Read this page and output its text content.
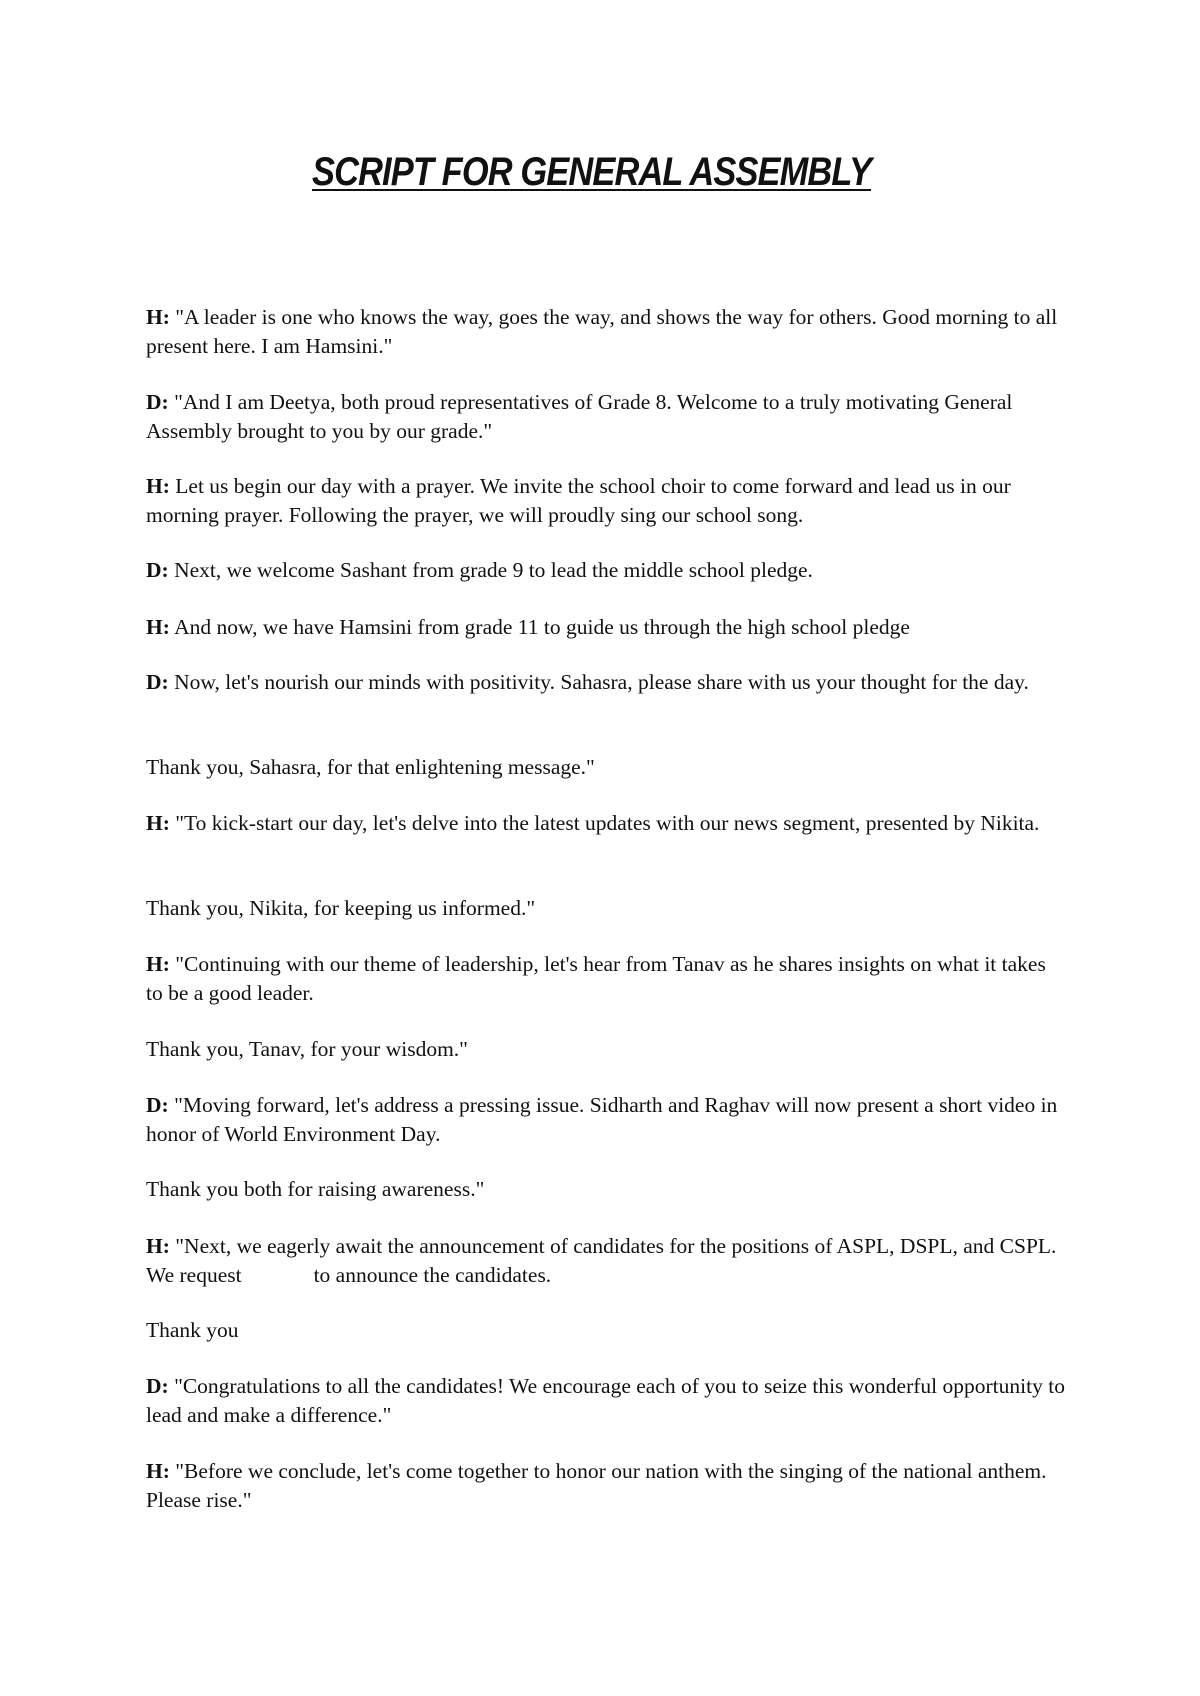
SCRIPT FOR GENERAL ASSEMBLY

H: "A leader is one who knows the way, goes the way, and shows the way for others. Good morning to all present here. I am Hamsini."

D: "And I am Deetya, both proud representatives of Grade 8. Welcome to a truly motivating General Assembly brought to you by our grade."

H: Let us begin our day with a prayer. We invite the school choir to come forward and lead us in our morning prayer. Following the prayer, we will proudly sing our school song.

D: Next, we welcome Sashant from grade 9 to lead the middle school pledge.

H: And now, we have Hamsini from grade 11 to guide us through the high school pledge

D: Now, let's nourish our minds with positivity. Sahasra, please share with us your thought for the day.

Thank you, Sahasra, for that enlightening message."

H: "To kick-start our day, let's delve into the latest updates with our news segment, presented by Nikita.

Thank you, Nikita, for keeping us informed."

H: "Continuing with our theme of leadership, let's hear from Tanav as he shares insights on what it takes to be a good leader.

Thank you, Tanav, for your wisdom."

D: "Moving forward, let's address a pressing issue. Sidharth and Raghav will now present a short video in honor of World Environment Day.

Thank you both for raising awareness."

H: "Next, we eagerly await the announcement of candidates for the positions of ASPL, DSPL, and CSPL. We request	to announce the candidates.

Thank you

D: "Congratulations to all the candidates! We encourage each of you to seize this wonderful opportunity to lead and make a difference."

H: "Before we conclude, let's come together to honor our nation with the singing of the national anthem. Please rise."
